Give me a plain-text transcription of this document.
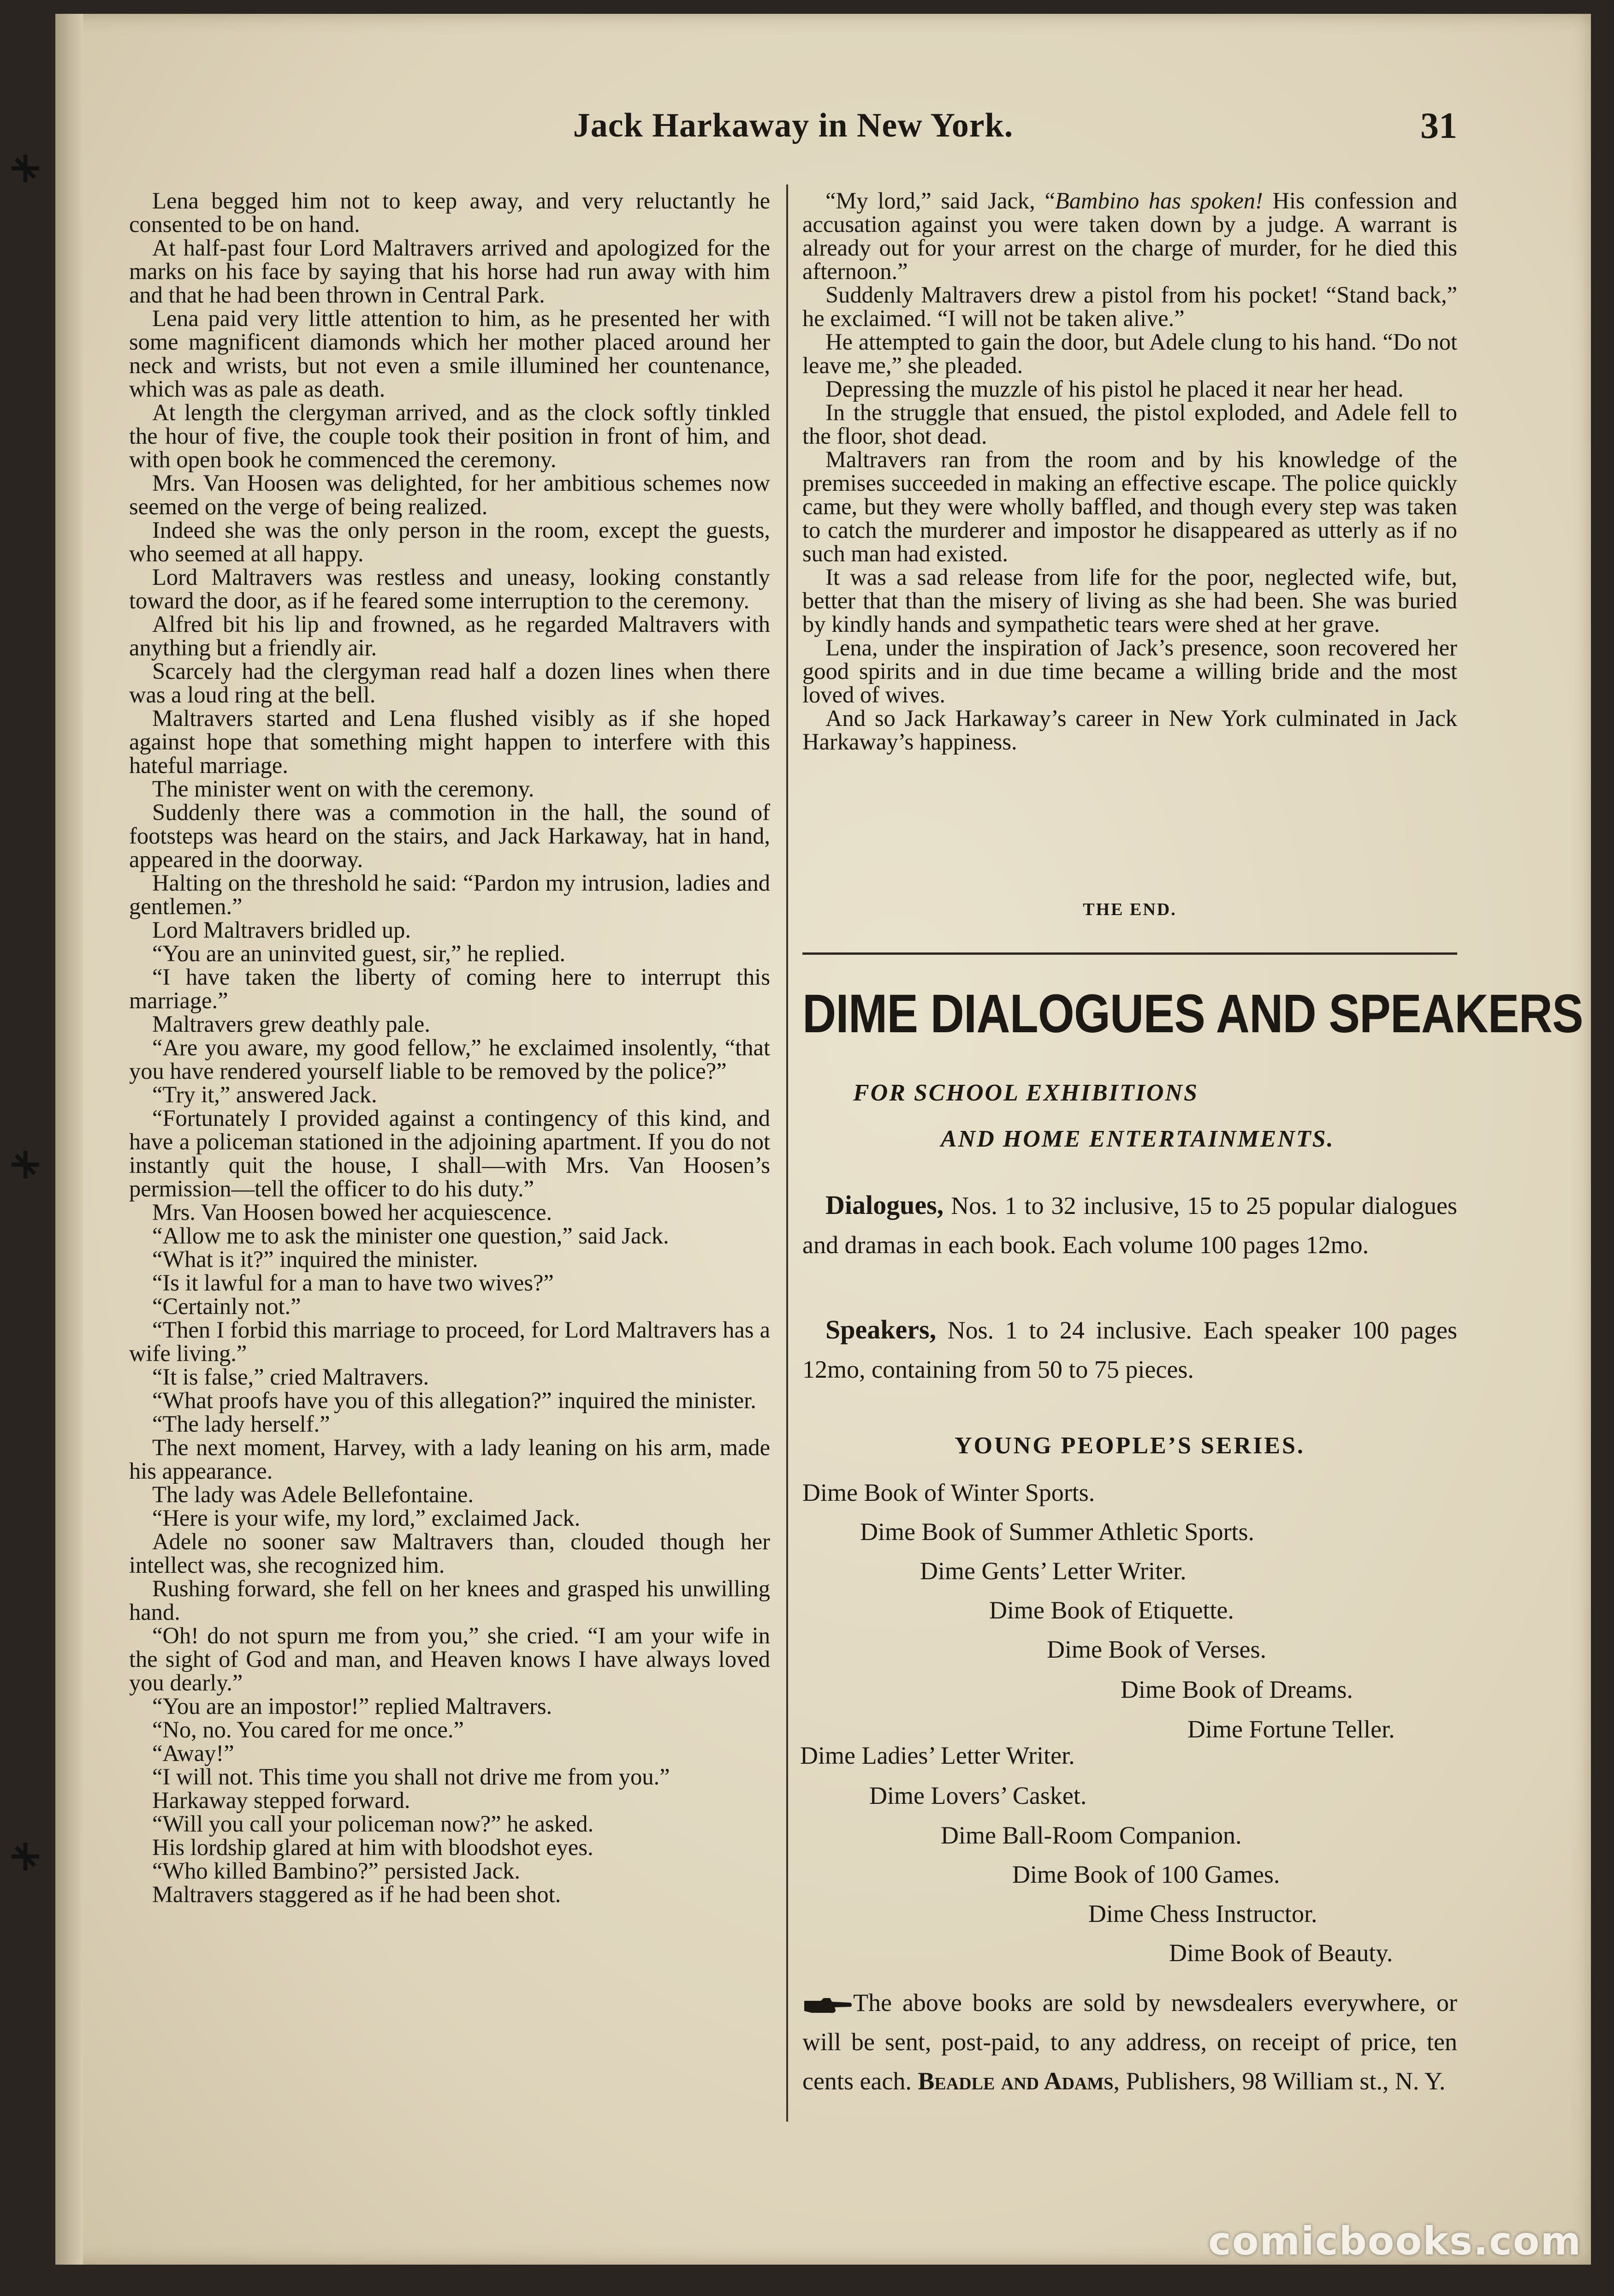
Jack Harkaway in New York.	31

Lena begged him not to keep away, and very reluctantly he consented to be on hand.

At half-past four Lord Maltravers arrived and apologized for the marks on his face by saying that his horse had run away with him and that he had been thrown in Central Park.

Lena paid very little attention to him, as he presented her with some magnificent diamonds which her mother placed around her neck and wrists, but not even a smile illumined her countenance, which was as pale as death.

At length the clergyman arrived, and as the clock softly tinkled the hour of five, the couple took their position in front of him, and with open book he commenced the ceremony.

Mrs. Van Hoosen was delighted, for her ambitious schemes now seemed on the verge of being realized.

Indeed she was the only person in the room, except the guests, who seemed at all happy.

Lord Maltravers was restless and uneasy, looking constantly toward the door, as if he feared some interruption to the ceremony.

Alfred bit his lip and frowned, as he regarded Maltravers with anything but a friendly air.

Scarcely had the clergyman read half a dozen lines when there was a loud ring at the bell.

Maltravers started and Lena flushed visibly as if she hoped against hope that something might happen to interfere with this hateful marriage.

The minister went on with the ceremony.

Suddenly there was a commotion in the hall, the sound of footsteps was heard on the stairs, and Jack Harkaway, hat in hand, appeared in the doorway.

Halting on the threshold he said: “Pardon my intrusion, ladies and gentlemen.”

Lord Maltravers bridled up.

“You are an uninvited guest, sir,” he replied.

“I have taken the liberty of coming here to interrupt this marriage.”

Maltravers grew deathly pale.

“Are you aware, my good fellow,” he exclaimed insolently, “that you have rendered yourself liable to be removed by the police?”

“Try it,” answered Jack.

“Fortunately I provided against a contingency of this kind, and have a policeman stationed in the adjoining apartment. If you do not instantly quit the house, I shall—with Mrs. Van Hoosen’s permission—tell the officer to do his duty.”

Mrs. Van Hoosen bowed her acquiescence.

“Allow me to ask the minister one question,” said Jack.

“What is it?” inquired the minister.

“Is it lawful for a man to have two wives?”

“Certainly not.”

“Then I forbid this marriage to proceed, for Lord Maltravers has a wife living.”

“It is false,” cried Maltravers.

“What proofs have you of this allegation?” inquired the minister.

“The lady herself.”

The next moment, Harvey, with a lady leaning on his arm, made his appearance.

The lady was Adele Bellefontaine.

“Here is your wife, my lord,” exclaimed Jack.

Adele no sooner saw Maltravers than, clouded though her intellect was, she recognized him.

Rushing forward, she fell on her knees and grasped his unwilling hand.

“Oh! do not spurn me from you,” she cried. “I am your wife in the sight of God and man, and Heaven knows I have always loved you dearly.”

“You are an impostor!” replied Maltravers.

“No, no. You cared for me once.”

“Away!”

“I will not. This time you shall not drive me from you.”

Harkaway stepped forward.

“Will you call your policeman now?” he asked.

His lordship glared at him with bloodshot eyes.

“Who killed Bambino?” persisted Jack.

Maltravers staggered as if he had been shot.

“My lord,” said Jack, “Bambino has spoken! His confession and accusation against you were taken down by a judge. A warrant is already out for your arrest on the charge of murder, for he died this afternoon.”

Suddenly Maltravers drew a pistol from his pocket! “Stand back,” he exclaimed. “I will not be taken alive.”

He attempted to gain the door, but Adele clung to his hand. “Do not leave me,” she pleaded.

Depressing the muzzle of his pistol he placed it near her head.

In the struggle that ensued, the pistol exploded, and Adele fell to the floor, shot dead.

Maltravers ran from the room and by his knowledge of the premises succeeded in making an effective escape. The police quickly came, but they were wholly baffled, and though every step was taken to catch the murderer and impostor he disappeared as utterly as if no such man had existed.

It was a sad release from life for the poor, neglected wife, but, better that than the misery of living as she had been. She was buried by kindly hands and sympathetic tears were shed at her grave.

Lena, under the inspiration of Jack’s presence, soon recovered her good spirits and in due time became a willing bride and the most loved of wives.

And so Jack Harkaway’s career in New York culminated in Jack Harkaway’s happiness.

THE END.
DIME DIALOGUES AND SPEAKERS
FOR SCHOOL EXHIBITIONS
AND HOME ENTERTAINMENTS.
Dialogues, Nos. 1 to 32 inclusive, 15 to 25 popular dialogues and dramas in each book. Each volume 100 pages 12mo.
Speakers, Nos. 1 to 24 inclusive. Each speaker 100 pages 12mo, containing from 50 to 75 pieces.
YOUNG PEOPLE’S SERIES.
Dime Book of Winter Sports.
Dime Book of Summer Athletic Sports.
Dime Gents’ Letter Writer.
Dime Book of Etiquette.
Dime Book of Verses.
Dime Book of Dreams.
Dime Fortune Teller.
Dime Ladies’ Letter Writer.
Dime Lovers’ Casket.
Dime Ball-Room Companion.
Dime Book of 100 Games.
Dime Chess Instructor.
Dime Book of Beauty.
The above books are sold by newsdealers everywhere, or will be sent, post-paid, to any address, on receipt of price, ten cents each. Beadle and Adams, Publishers, 98 William st., N. Y.
comicbooks.com
